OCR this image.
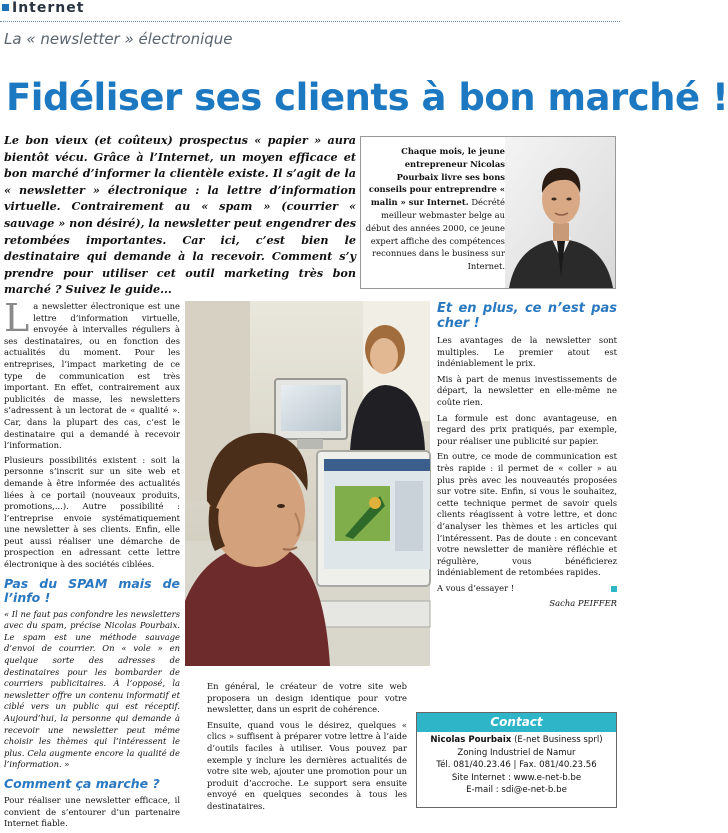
Internet
La « newsletter » électronique
Fidéliser ses clients à bon marché !
Le bon vieux (et coûteux) prospectus « papier » aura bientôt vécu. Grâce à l’Internet, un moyen efficace et bon marché d’informer la clientèle existe. Il s’agit de la « newsletter » électronique : la lettre d’information virtuelle. Contrairement au « spam » (courrier « sauvage » non désiré), la newsletter peut engendrer des retombées importantes. Car ici, c’est bien le destinataire qui demande à la recevoir. Comment s’y prendre pour utiliser cet outil marketing très bon marché ? Suivez le guide...
Chaque mois, le jeune entrepreneur Nicolas Pourbaix livre ses bons conseils pour entreprendre « malin » sur Internet. Décrété meilleur webmaster belge au début des années 2000, ce jeune expert affiche des compétences reconnues dans le business sur Internet.

La newsletter électronique est une lettre d’information virtuelle, envoyée à intervalles réguliers à ses destinataires, ou en fonction des actualités du moment. Pour les entreprises, l’impact marketing de ce type de communication est très important. En effet, contrairement aux publicités de masse, les newsletters s’adressent à un lectorat de « qualité ». Car, dans la plupart des cas, c’est le destinataire qui a demandé à recevoir l’information.

Plusieurs possibilités existent : soit la personne s’inscrit sur un site web et demande à être informée des actualités liées à ce portail (nouveaux produits, promotions,...). Autre possibilité : l’entreprise envoie systématiquement une newsletter à ses clients. Enfin, elle peut aussi réaliser une démarche de prospection en adressant cette lettre électronique à des sociétés ciblées.

Pas du SPAM mais de l’info !

« Il ne faut pas confondre les newsletters avec du spam, précise Nicolas Pourbaix. Le spam est une méthode sauvage d’envoi de courrier. On « vole » en quelque sorte des adresses de destinataires pour les bombarder de courriers publicitaires. À l’opposé, la newsletter offre un contenu informatif et ciblé vers un public qui est réceptif. Aujourd’hui, la personne qui demande à recevoir une newsletter peut même choisir les thèmes qui l’intéressent le plus. Cela augmente encore la qualité de l’information. »

Comment ça marche ?

Pour réaliser une newsletter efficace, il convient de s’entourer d’un partenaire Internet fiable.

Et en plus, ce n’est pas cher !

Les avantages de la newsletter sont multiples. Le premier atout est indéniablement le prix.

Mis à part de menus investissements de départ, la newsletter en elle-même ne coûte rien.

La formule est donc avantageuse, en regard des prix pratiqués, par exemple, pour réaliser une publicité sur papier.

En outre, ce mode de communication est très rapide : il permet de « coller » au plus près avec les nouveautés proposées sur votre site. Enfin, si vous le souhaitez, cette technique permet de savoir quels clients réagissent à votre lettre, et donc d’analyser les thèmes et les articles qui l’intéressent. Pas de doute : en concevant votre newsletter de manière réfléchie et régulière, vous bénéficierez indéniablement de retombées rapides.

A vous d’essayer !

Sacha PEIFFER

En général, le créateur de votre site web proposera un design identique pour votre newsletter, dans un esprit de cohérence.

Ensuite, quand vous le désirez, quelques « clics » suffisent à préparer votre lettre à l’aide d’outils faciles à utiliser. Vous pouvez par exemple y inclure les dernières actualités de votre site web, ajouter une promotion pour un produit d’accroche. Le support sera ensuite envoyé en quelques secondes à tous les destinataires.

Contact
Nicolas Pourbaix (E-net Business sprl)
Zoning Industriel de Namur
Tél. 081/40.23.46 | Fax. 081/40.23.56
Site Internet : www.e-net-b.be
E-mail : sdi@e-net-b.be
